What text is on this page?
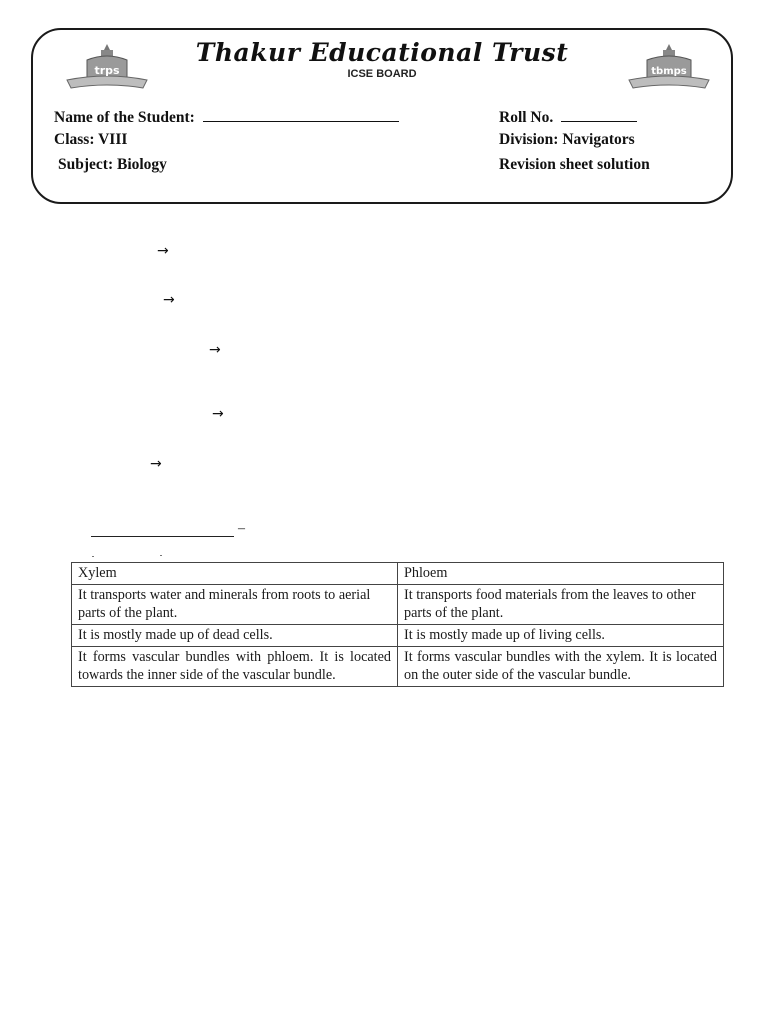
trps
Thakur Educational Trust
ICSE BOARD	tbmps
Name of the Student:	Roll No.
Class: VIII	Division: Navigators
Subject: Biology	Revision sheet solution
→
→
→
→
→
–
Xylem	Phloem
It transports water and minerals from roots to aerial parts of the plant.	It transports food materials from the leaves to other parts of the plant.
It is mostly made up of dead cells.	It is mostly made up of living cells.
It forms vascular bundles with phloem. It is located towards the inner side of the vascular bundle.	It forms vascular bundles with the xylem. It is located on the outer side of the vascular bundle.
